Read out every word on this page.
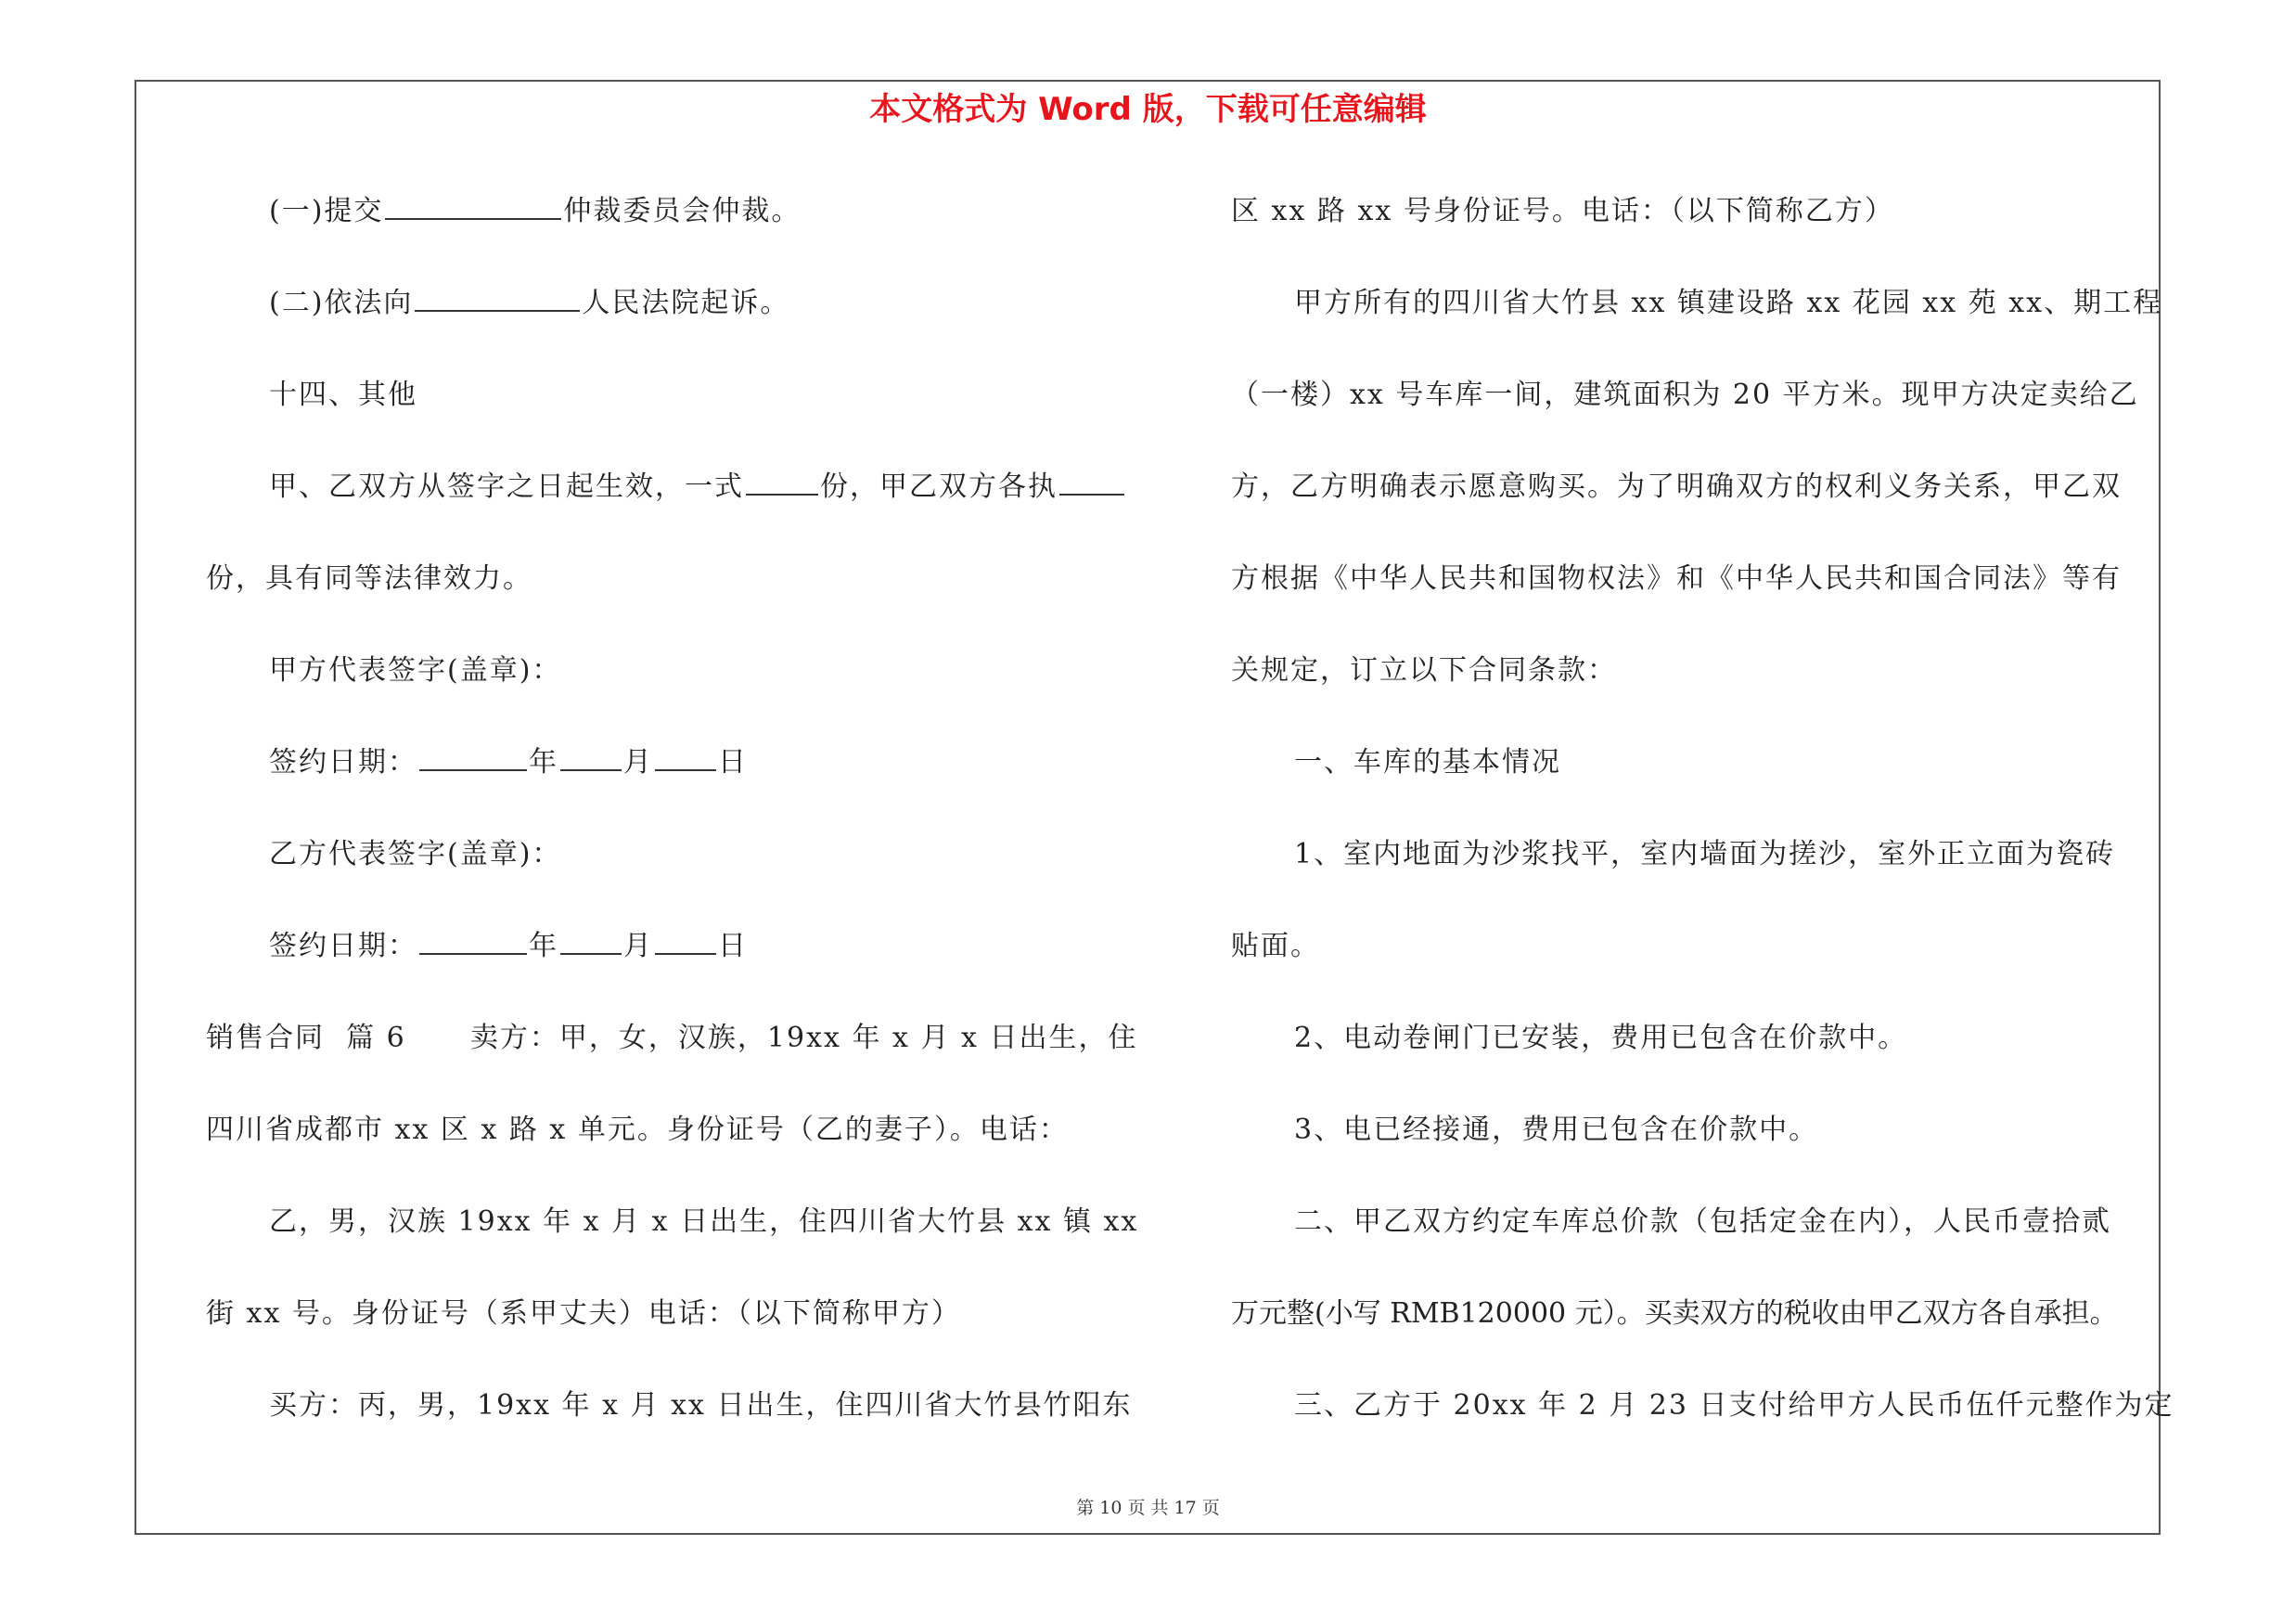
本文格式为 Word 版，下载可任意编辑
(一)提交	仲裁委员会仲裁。
(二)依法向	人民法院起诉。
十四、其他
甲、乙双方从签字之日起生效，一式	份，甲乙双方各执
份，具有同等法律效力。
甲方代表签字(盖章)：
签约日期：	年 月 日
乙方代表签字(盖章)：
签约日期：	年 月 日
销售合同  篇 6      卖方：甲，女，汉族，19xx 年 x 月 x 日出生，住
四川省成都市 xx 区 x 路 x 单元。身份证号（乙的妻子）。电话：
乙，男，汉族 19xx 年 x 月 x 日出生，住四川省大竹县 xx 镇 xx
街 xx 号。身份证号（系甲丈夫）电话：（以下简称甲方）
买方：丙，男，19xx 年 x 月 xx 日出生，住四川省大竹县竹阳东
区 xx 路 xx 号身份证号。电话：（以下简称乙方）
甲方所有的四川省大竹县 xx 镇建设路 xx 花园 xx 苑 xx、期工程
（一楼）xx 号车库一间，建筑面积为 20 平方米。现甲方决定卖给乙
方，乙方明确表示愿意购买。为了明确双方的权利义务关系，甲乙双
方根据《中华人民共和国物权法》和《中华人民共和国合同法》等有
关规定，订立以下合同条款：
一、车库的基本情况
1、室内地面为沙浆找平，室内墙面为搓沙，室外正立面为瓷砖
贴面。
2、电动卷闸门已安装，费用已包含在价款中。
3、电已经接通，费用已包含在价款中。
二、甲乙双方约定车库总价款（包括定金在内），人民币壹拾贰
万元整(小写 RMB120000 元）。买卖双方的税收由甲乙双方各自承担。
三、乙方于 20xx 年 2 月 23 日支付给甲方人民币伍仟元整作为定
第 10 页 共 17 页
